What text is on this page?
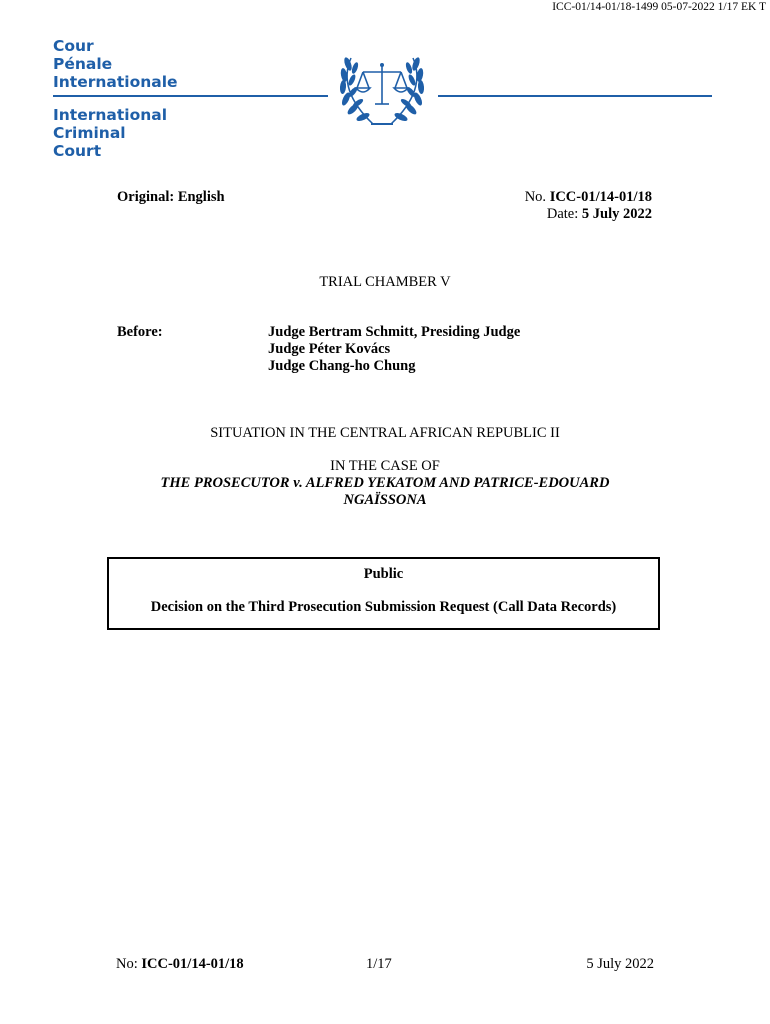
ICC-01/14-01/18-1499 05-07-2022 1/17 EK T
Cour
Pénale
Internationale
International
Criminal
Court
Original: English	No. ICC-01/14-01/18
Date: 5 July 2022
TRIAL CHAMBER V
Before:	Judge Bertram Schmitt, Presiding Judge
Judge Péter Kovács
Judge Chang-ho Chung
SITUATION IN THE CENTRAL AFRICAN REPUBLIC II
IN THE CASE OF
THE PROSECUTOR v. ALFRED YEKATOM AND PATRICE-EDOUARD
NGAÏSSONA
Public
Decision on the Third Prosecution Submission Request (Call Data Records)
No: ICC-01/14-01/18	1/17	5 July 2022
